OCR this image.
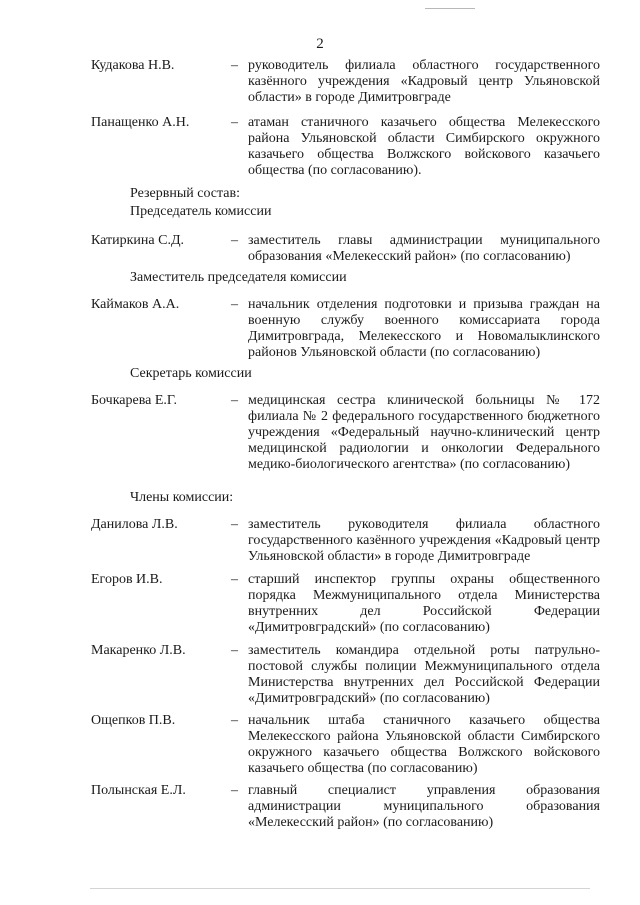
2
Кудакова Н.В.	– руководитель филиала областного государственного казённого учреждения «Кадровый центр Ульяновской области» в городе Димитровграде
Панащенко А.Н.	– атаман станичного казачьего общества Мелекесского района Ульяновской области Симбирского окружного казачьего общества Волжского войскового казачьего общества (по согласованию).
Резервный состав:
Председатель комиссии
Катиркина С.Д.	– заместитель главы администрации муниципального образования «Мелекесский район» (по согласованию)
Заместитель председателя комиссии
Каймаков А.А.	– начальник отделения подготовки и призыва граждан на военную службу военного комиссариата города Димитровграда, Мелекесского и Новомалыклинского районов Ульяновской области (по согласованию)
Секретарь комиссии
Бочкарева Е.Г.	– медицинская сестра клинической больницы № 172 филиала № 2 федерального государственного бюджетного учреждения «Федеральный научно-клинический центр медицинской радиологии и онкологии Федерального медико-биологического агентства» (по согласованию)
Члены комиссии:
Данилова Л.В.	– заместитель руководителя филиала областного государственного казённого учреждения «Кадровый центр Ульяновской области» в городе Димитровграде
Егоров И.В.	– старший инспектор группы охраны общественного порядка Межмуниципального отдела Министерства внутренних дел Российской Федерации «Димитровградский» (по согласованию)
Макаренко Л.В.	– заместитель командира отдельной роты патрульно-постовой службы полиции Межмуниципального отдела Министерства внутренних дел Российской Федерации «Димитровградский» (по согласованию)
Ощепков П.В.	– начальник штаба станичного казачьего общества Мелекесского района Ульяновской области Симбирского окружного казачьего общества Волжского войскового казачьего общества (по согласованию)
Полынская Е.Л.	– главный специалист управления образования администрации муниципального образования «Мелекесский район» (по согласованию)
